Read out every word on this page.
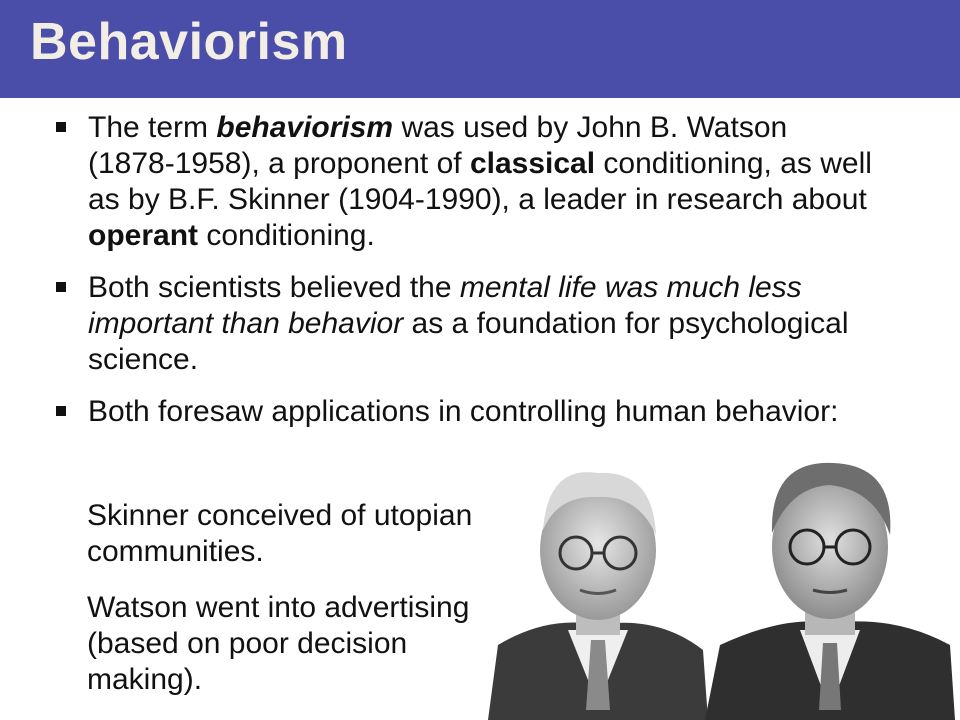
Behaviorism
The term behaviorism was used by John B. Watson (1878-1958), a proponent of classical conditioning, as well as by B.F. Skinner (1904-1990), a leader in research about operant conditioning.
Both scientists believed the mental life was much less important than behavior as a foundation for psychological science.
Both foresaw applications in controlling human behavior:

Skinner conceived of utopian communities.

Watson went into advertising (based on poor decision making).
